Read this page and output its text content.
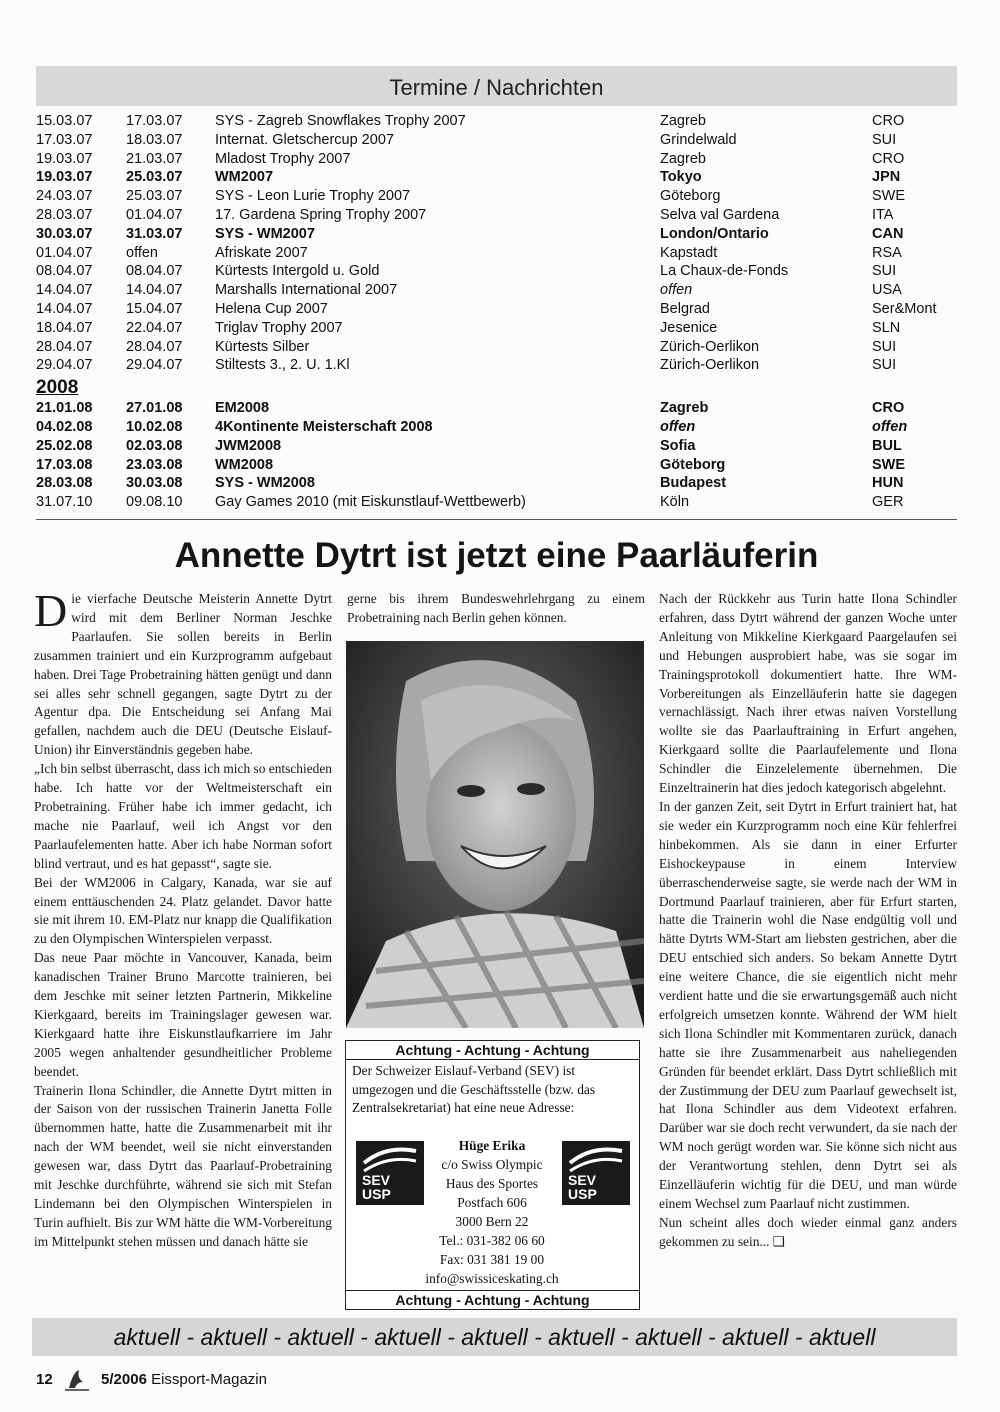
Termine / Nachrichten
15.03.07 17.03.07 SYS - Zagreb Snowflakes Trophy 2007	Zagreb	CRO
17.03.07 18.03.07 Internat. Gletschercup 2007	Grindelwald	SUI
19.03.07 21.03.07 Mladost Trophy 2007	Zagreb	CRO
19.03.07 25.03.07 WM2007	Tokyo	JPN
24.03.07 25.03.07 SYS - Leon Lurie Trophy 2007	Göteborg	SWE
28.03.07 01.04.07 17. Gardena Spring Trophy 2007	Selva val Gardena	ITA
30.03.07 31.03.07 SYS - WM2007	London/Ontario	CAN
01.04.07 offen	Afriskate 2007	Kapstadt	RSA
08.04.07 08.04.07 Kürtests Intergold u. Gold	La Chaux-de-Fonds	SUI
14.04.07 14.04.07 Marshalls International 2007	offen	USA
14.04.07 15.04.07 Helena Cup 2007	Belgrad	Ser&Mont
18.04.07 22.04.07 Triglav Trophy 2007	Jesenice	SLN
28.04.07 28.04.07 Kürtests Silber	Zürich-Oerlikon	SUI
29.04.07 29.04.07 Stiltests 3., 2. U. 1.Kl	Zürich-Oerlikon	SUI
2008
21.01.08 27.01.08 EM2008	Zagreb	CRO
04.02.08 10.02.08 4Kontinente Meisterschaft 2008	offen	offen
25.02.08 02.03.08 JWM2008	Sofia	BUL
17.03.08 23.03.08 WM2008	Göteborg	SWE
28.03.08 30.03.08 SYS - WM2008	Budapest	HUN
31.07.10 09.08.10 Gay Games 2010 (mit Eiskunstlauf-Wettbewerb)	Köln	GER
Annette Dytrt ist jetzt eine Paarläuferin

Die vierfache Deutsche Meisterin Annette Dytrt wird mit dem Berliner Norman Jeschke Paarlaufen. Sie sollen bereits in Berlin zusammen trainiert und ein Kurzprogramm aufgebaut haben. Drei Tage Probetraining hätten genügt und dann sei alles sehr schnell gegangen, sagte Dytrt zu der Agentur dpa. Die Entscheidung sei Anfang Mai gefallen, nachdem auch die DEU (Deutsche Eislauf-Union) ihr Einverständnis gegeben habe.

„Ich bin selbst überrascht, dass ich mich so entschieden habe. Ich hatte vor der Weltmeisterschaft ein Probetraining. Früher habe ich immer gedacht, ich mache nie Paarlauf, weil ich Angst vor den Paarlaufelementen hatte. Aber ich habe Norman sofort blind vertraut, und es hat gepasst“, sagte sie.

Bei der WM2006 in Calgary, Kanada, war sie auf einem enttäuschenden 24. Platz gelandet. Davor hatte sie mit ihrem 10. EM-Platz nur knapp die Qualifikation zu den Olympischen Winterspielen verpasst.

Das neue Paar möchte in Vancouver, Kanada, beim kanadischen Trainer Bruno Marcotte trainieren, bei dem Jeschke mit seiner letzten Partnerin, Mikkeline Kierkgaard, bereits im Trainingslager gewesen war. Kierkgaard hatte ihre Eiskunstlaufkarriere im Jahr 2005 wegen anhaltender gesundheitlicher Probleme beendet.

Trainerin Ilona Schindler, die Annette Dytrt mitten in der Saison von der russischen Trainerin Janetta Folle übernommen hatte, hatte die Zusammenarbeit mit ihr nach der WM beendet, weil sie nicht einverstanden gewesen war, dass Dytrt das Paarlauf-Probetraining mit Jeschke durchführte, während sie sich mit Stefan Lindemann bei den Olympischen Winterspielen in Turin aufhielt. Bis zur WM hätte die WM-Vorbereitung im Mittelpunkt stehen müssen und danach hätte sie

gerne bis ihrem Bundeswehrlehrgang zu einem Probetraining nach Berlin gehen können.

Achtung - Achtung - Achtung
Der Schweizer Eislauf-Verband (SEV) ist umgezogen und die Geschäftsstelle (bzw. das Zentralsekretariat) hat eine neue Adresse:
SEV
USP
SEV
USP
Hüge Erika
c/o Swiss Olympic
Haus des Sportes
Postfach 606
3000 Bern 22
Tel.: 031-382 06 60
Fax: 031 381 19 00
info@swissiceskating.ch
Achtung - Achtung - Achtung

Nach der Rückkehr aus Turin hatte Ilona Schindler erfahren, dass Dytrt während der ganzen Woche unter Anleitung von Mikkeline Kierkgaard Paargelaufen sei und Hebungen ausprobiert habe, was sie sogar im Trainingsprotokoll dokumentiert hatte. Ihre WM-Vorbereitungen als Einzelläuferin hatte sie dagegen vernachlässigt. Nach ihrer etwas naiven Vorstellung wollte sie das Paarlauftraining in Erfurt angehen, Kierkgaard sollte die Paarlaufelemente und Ilona Schindler die Einzelelemente übernehmen. Die Einzeltrainerin hat dies jedoch kategorisch abgelehnt.

In der ganzen Zeit, seit Dytrt in Erfurt trainiert hat, hat sie weder ein Kurzprogramm noch eine Kür fehlerfrei hinbekommen. Als sie dann in einer Erfurter Eishockeypause in einem Interview überraschenderweise sagte, sie werde nach der WM in Dortmund Paarlauf trainieren, aber für Erfurt starten, hatte die Trainerin wohl die Nase endgültig voll und hätte Dytrts WM-Start am liebsten gestrichen, aber die DEU entschied sich anders. So bekam Annette Dytrt eine weitere Chance, die sie eigentlich nicht mehr verdient hatte und die sie erwartungsgemäß auch nicht erfolgreich umsetzen konnte. Während der WM hielt sich Ilona Schindler mit Kommentaren zurück, danach hatte sie ihre Zusammenarbeit aus naheliegenden Gründen für beendet erklärt. Dass Dytrt schließlich mit der Zustimmung der DEU zum Paarlauf gewechselt ist, hat Ilona Schindler aus dem Videotext erfahren. Darüber war sie doch recht verwundert, da sie nach der WM noch gerügt worden war. Sie könne sich nicht aus der Verantwortung stehlen, denn Dytrt sei als Einzelläuferin wichtig für die DEU, und man würde einem Wechsel zum Paarlauf nicht zustimmen.

Nun scheint alles doch wieder einmal ganz anders gekommen zu sein... ❑

aktuell - aktuell - aktuell - aktuell - aktuell - aktuell - aktuell - aktuell - aktuell
12	5/2006 Eissport-Magazin
